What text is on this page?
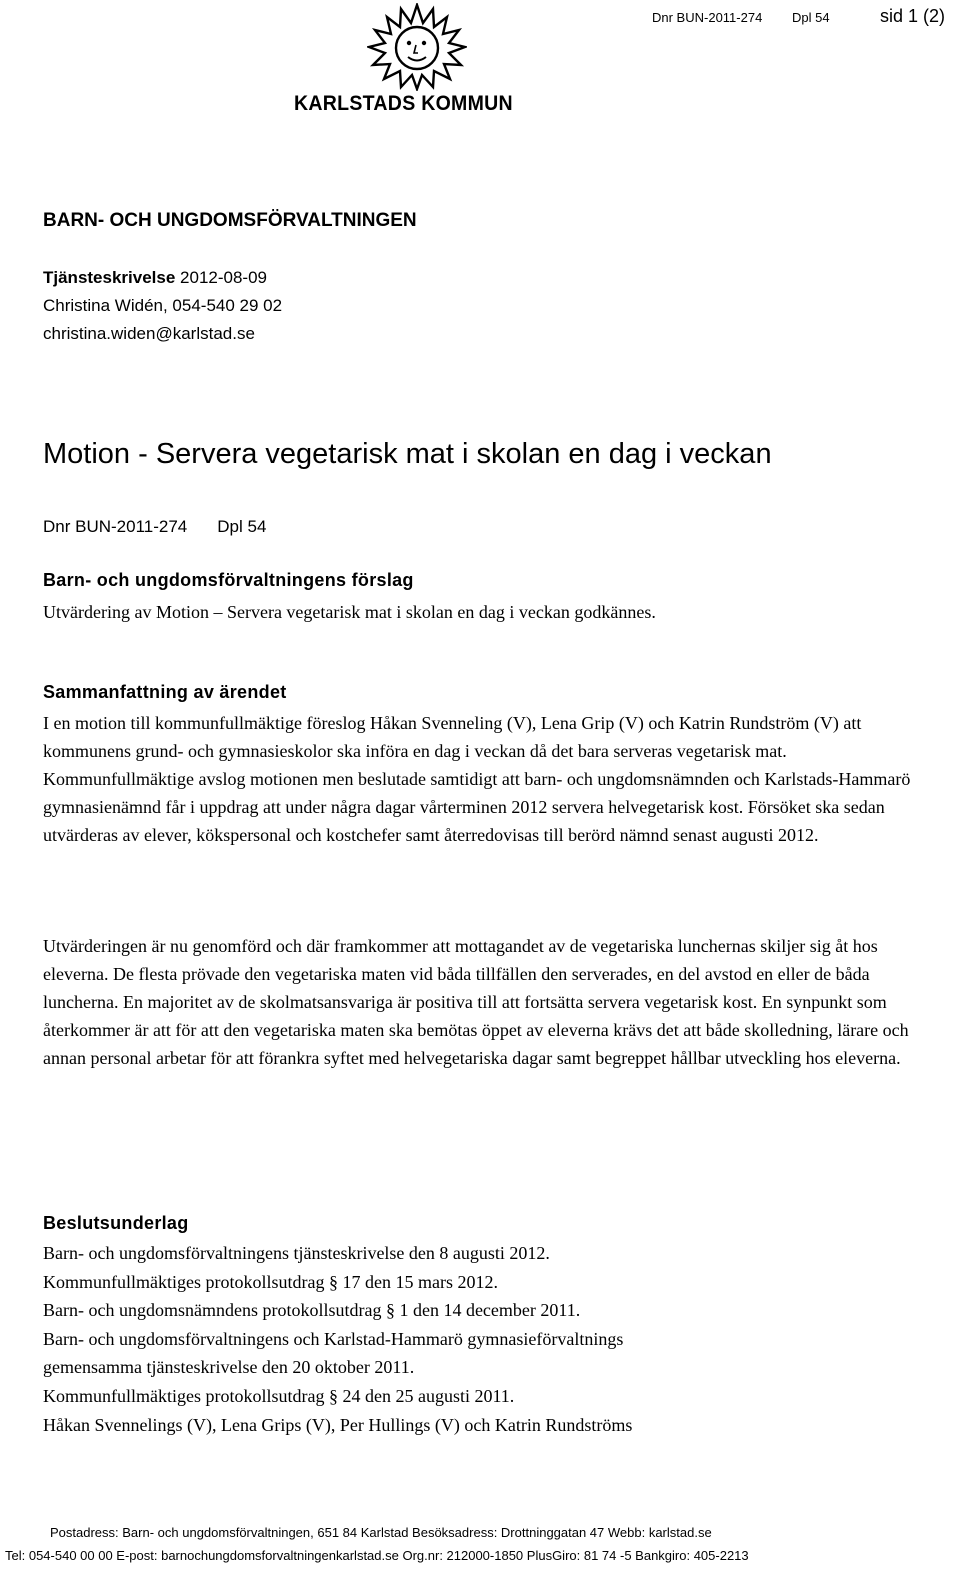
Dnr BUN-2011-274 Dpl 54	sid 1 (2)
KARLSTADS KOMMUN
BARN- OCH UNGDOMSFÖRVALTNINGEN
Tjänsteskrivelse 2012-08-09
Christina Widén, 054-540 29 02
christina.widen@karlstad.se
Motion - Servera vegetarisk mat i skolan en dag i veckan
Dnr BUN-2011-274 Dpl 54
Barn- och ungdomsförvaltningens förslag
Utvärdering av Motion – Servera vegetarisk mat i skolan en dag i veckan godkännes.
Sammanfattning av ärendet
I en motion till kommunfullmäktige föreslog Håkan Svenneling (V), Lena Grip (V) och Katrin Rundström (V) att kommunens grund- och gymnasieskolor ska införa en dag i veckan då det bara serveras vegetarisk mat. Kommunfullmäktige avslog motionen men beslutade samtidigt att barn- och ungdomsnämnden och Karlstads-Hammarö gymnasienämnd får i uppdrag att under några dagar vårterminen 2012 servera helvegetarisk kost. Försöket ska sedan utvärderas av elever, kökspersonal och kostchefer samt återredovisas till berörd nämnd senast augusti 2012.
Utvärderingen är nu genomförd och där framkommer att mottagandet av de vegetariska lunchernas skiljer sig åt hos eleverna. De flesta prövade den vegetariska maten vid båda tillfällen den serverades, en del avstod en eller de båda luncherna. En majoritet av de skolmatsansvariga är positiva till att fortsätta servera vegetarisk kost. En synpunkt som återkommer är att för att den vegetariska maten ska bemötas öppet av eleverna krävs det att både skolledning, lärare och annan personal arbetar för att förankra syftet med helvegetariska dagar samt begreppet hållbar utveckling hos eleverna.
Beslutsunderlag
Barn- och ungdomsförvaltningens tjänsteskrivelse den 8 augusti 2012.
Kommunfullmäktiges protokollsutdrag § 17 den 15 mars 2012.
Barn- och ungdomsnämndens protokollsutdrag § 1 den 14 december 2011.
Barn- och ungdomsförvaltningens och Karlstad-Hammarö gymnasieförvaltnings
gemensamma tjänsteskrivelse den 20 oktober 2011.
Kommunfullmäktiges protokollsutdrag § 24 den 25 augusti 2011.
Håkan Svennelings (V), Lena Grips (V), Per Hullings (V) och Katrin Rundströms
Postadress: Barn- och ungdomsförvaltningen, 651 84 Karlstad Besöksadress: Drottninggatan 47 Webb: karlstad.se
Tel: 054-540 00 00 E-post: barnochungdomsforvaltningenkarlstad.se Org.nr: 212000-1850 PlusGiro: 81 74 -5 Bankgiro: 405-2213
